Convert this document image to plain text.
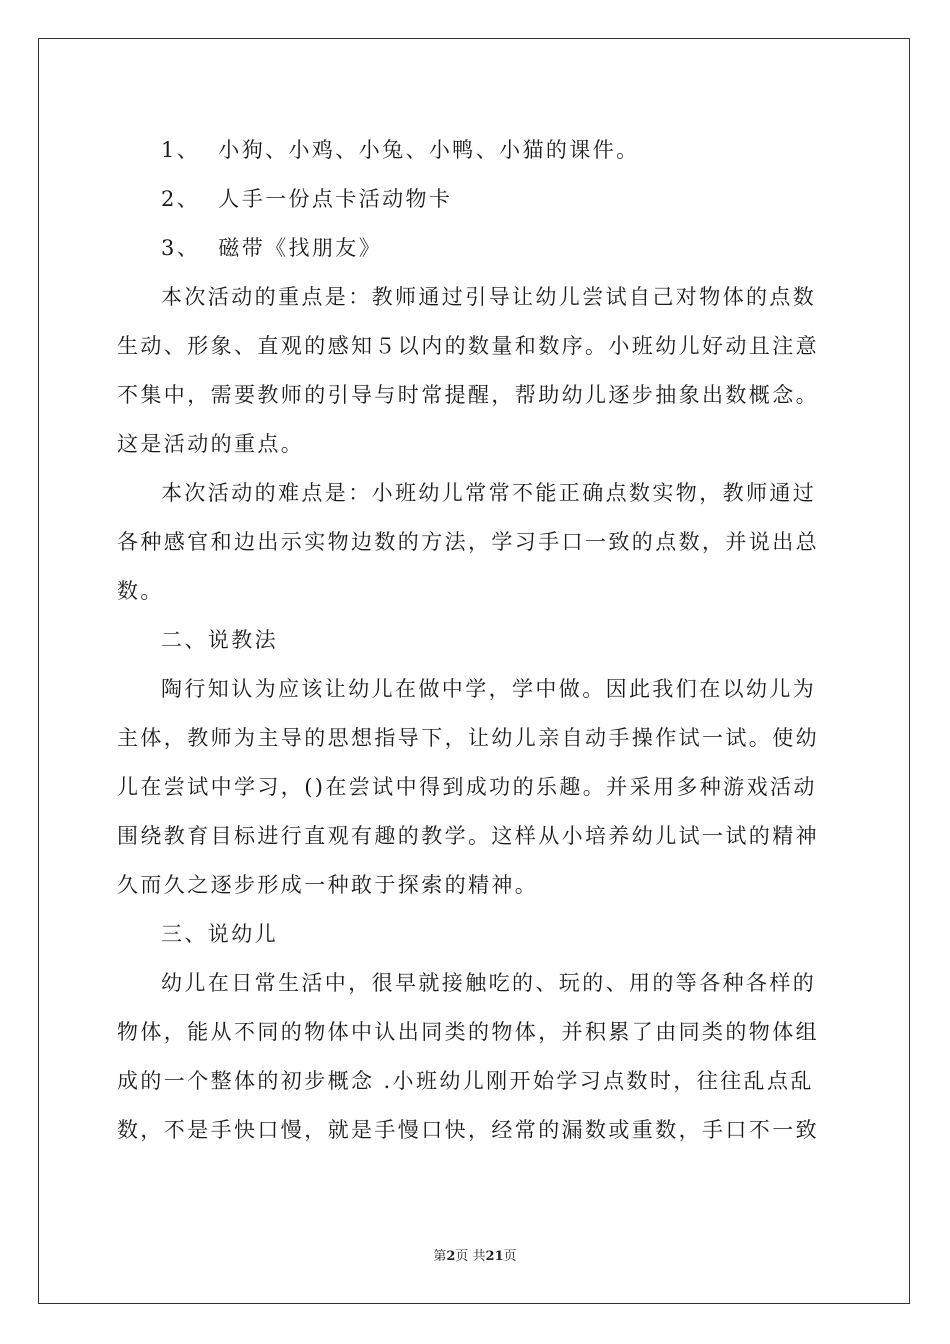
1、  小狗、小鸡、小兔、小鸭、小猫的课件。

2、  人手一份点卡活动物卡

3、  磁带《找朋友》

本次活动的重点是：教师通过引导让幼儿尝试自己对物体的点数

生动、形象、直观的感知５以内的数量和数序。小班幼儿好动且注意

不集中，需要教师的引导与时常提醒，帮助幼儿逐步抽象出数概念。

这是活动的重点。

本次活动的难点是：小班幼儿常常不能正确点数实物，教师通过

各种感官和边出示实物边数的方法，学习手口一致的点数，并说出总

数。

二、说教法

陶行知认为应该让幼儿在做中学，学中做。因此我们在以幼儿为

主体，教师为主导的思想指导下，让幼儿亲自动手操作试一试。使幼

儿在尝试中学习，()在尝试中得到成功的乐趣。并采用多种游戏活动

围绕教育目标进行直观有趣的教学。这样从小培养幼儿试一试的精神

久而久之逐步形成一种敢于探索的精神。

三、说幼儿

幼儿在日常生活中，很早就接触吃的、玩的、用的等各种各样的

物体，能从不同的物体中认出同类的物体，并积累了由同类的物体组

成的一个整体的初步概念 .小班幼儿刚开始学习点数时，往往乱点乱

数，不是手快口慢，就是手慢口快，经常的漏数或重数，手口不一致

第2页 共21页
